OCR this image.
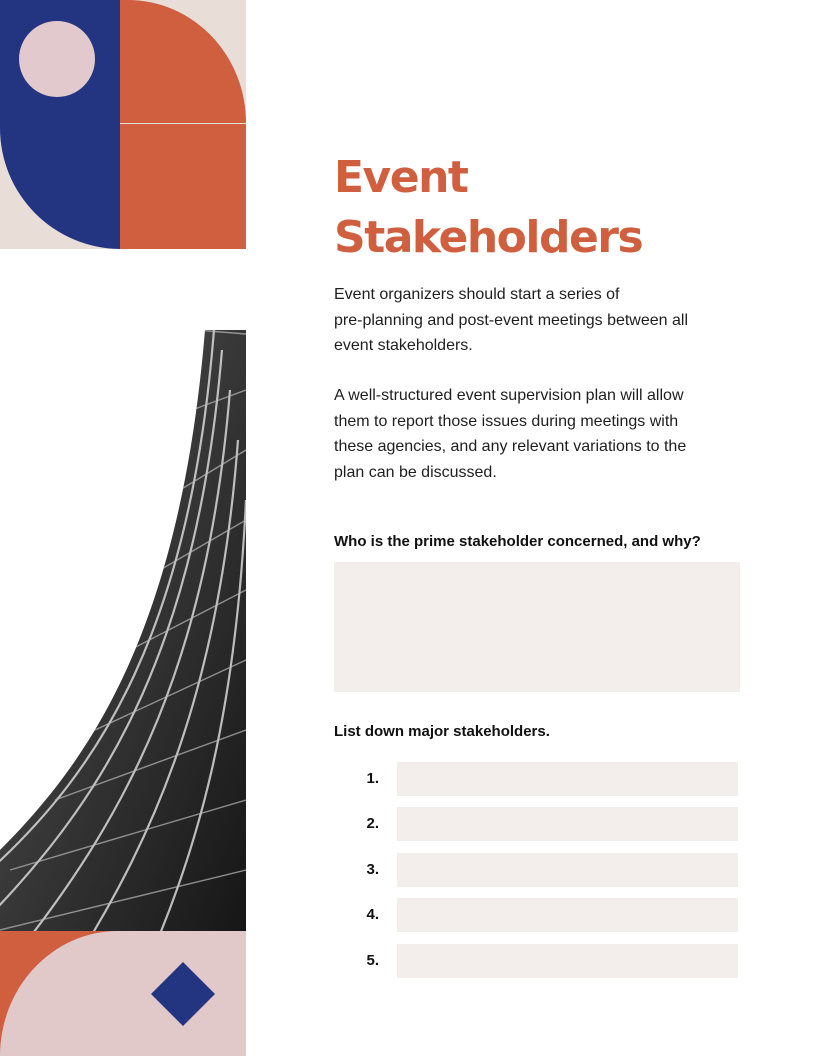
Event
Stakeholders

Event organizers should start a series of
pre-planning and post-event meetings between all
event stakeholders.

A well-structured event supervision plan will allow
them to report those issues during meetings with
these agencies, and any relevant variations to the
plan can be discussed.

Who is the prime stakeholder concerned, and why?

List down major stakeholders.

1.
2.
3.
4.
5.
